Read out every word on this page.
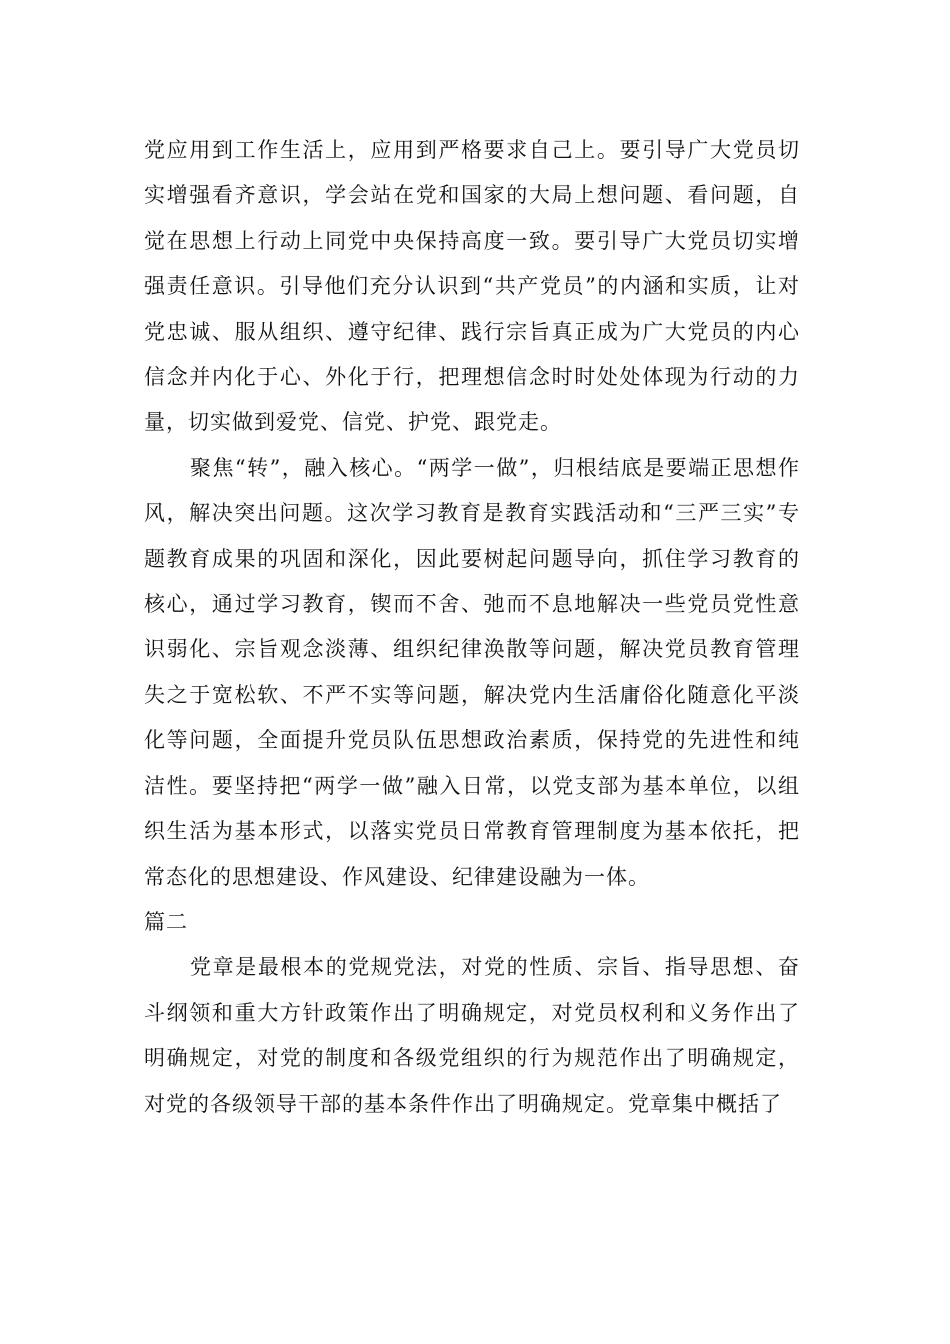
党应用到工作生活上，应用到严格要求自己上。要引导广大党员切实增强看齐意识，学会站在党和国家的大局上想问题、看问题，自觉在思想上行动上同党中央保持高度一致。要引导广大党员切实增强责任意识。引导他们充分认识到“共产党员”的内涵和实质，让对党忠诚、服从组织、遵守纪律、践行宗旨真正成为广大党员的内心信念并内化于心、外化于行，把理想信念时时处处体现为行动的力量，切实做到爱党、信党、护党、跟党走。

聚焦“转”，融入核心。“两学一做”，归根结底是要端正思想作风，解决突出问题。这次学习教育是教育实践活动和“三严三实”专题教育成果的巩固和深化，因此要树起问题导向，抓住学习教育的核心，通过学习教育，锲而不舍、弛而不息地解决一些党员党性意识弱化、宗旨观念淡薄、组织纪律涣散等问题，解决党员教育管理失之于宽松软、不严不实等问题，解决党内生活庸俗化随意化平淡化等问题，全面提升党员队伍思想政治素质，保持党的先进性和纯洁性。要坚持把“两学一做”融入日常，以党支部为基本单位，以组织生活为基本形式，以落实党员日常教育管理制度为基本依托，把常态化的思想建设、作风建设、纪律建设融为一体。

篇二

党章是最根本的党规党法，对党的性质、宗旨、指导思想、奋斗纲领和重大方针政策作出了明确规定，对党员权利和义务作出了明确规定，对党的制度和各级党组织的行为规范作出了明确规定，对党的各级领导干部的基本条件作出了明确规定。党章集中概括了
